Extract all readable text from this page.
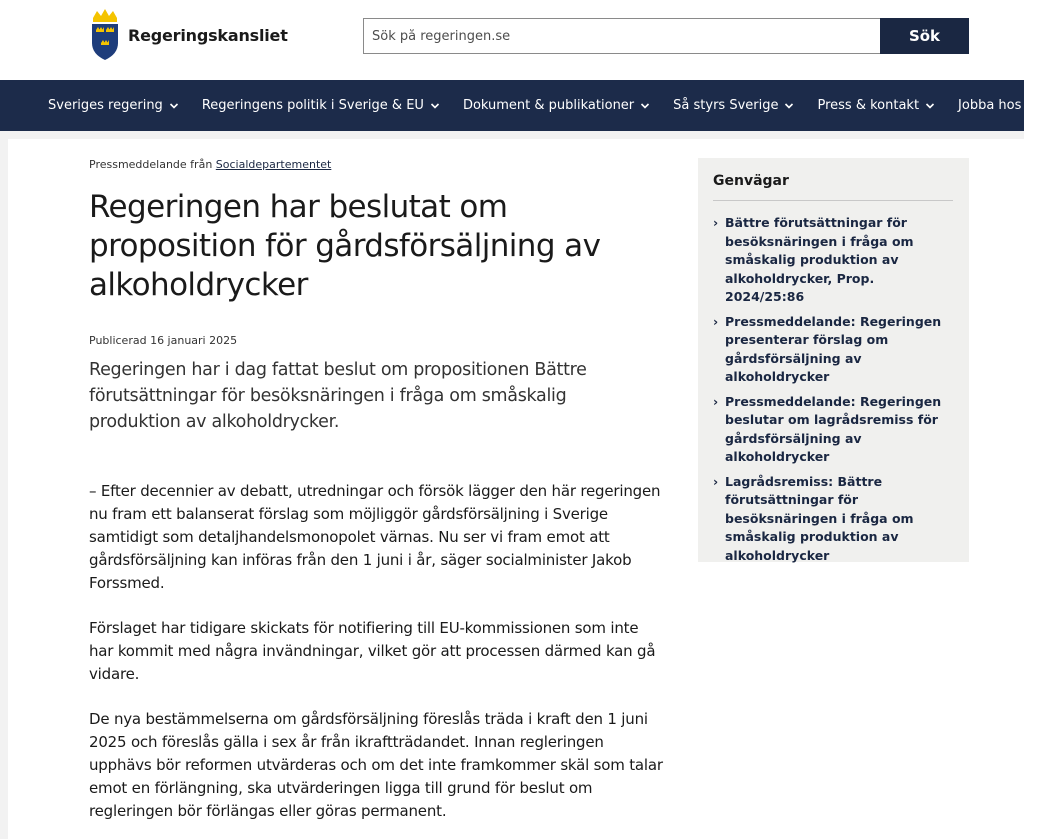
Regeringskansliet
Sök på regeringen.se	Sök
Sveriges regering	Regeringens politik i Sverige & EU	Dokument & publikationer	Så styrs Sverige	Press & kontakt	Jobba hos oss
Pressmeddelande från Socialdepartementet
Regeringen har beslutat om proposition för gårdsförsäljning av alkoholdrycker
Publicerad 16 januari 2025

Regeringen har i dag fattat beslut om propositionen Bättre förutsättningar för besöksnäringen i fråga om småskalig produktion av alkoholdrycker.

– Efter decennier av debatt, utredningar och försök lägger den här regeringen nu fram ett balanserat förslag som möjliggör gårdsförsäljning i Sverige samtidigt som detaljhandelsmonopolet värnas. Nu ser vi fram emot att gårdsförsäljning kan införas från den 1 juni i år, säger socialminister Jakob Forssmed.

Förslaget har tidigare skickats för notifiering till EU-kommissionen som inte har kommit med några invändningar, vilket gör att processen därmed kan gå vidare.

De nya bestämmelserna om gårdsförsäljning föreslås träda i kraft den 1 juni 2025 och föreslås gälla i sex år från ikraftträdandet. Innan regleringen upphävs bör reformen utvärderas och om det inte framkommer skäl som talar emot en förlängning, ska utvärderingen ligga till grund för beslut om regleringen bör förlängas eller göras permanent.

Genvägar
› Bättre förutsättningar för besöksnäringen i fråga om småskalig produktion av alkoholdrycker, Prop. 2024/25:86
› Pressmeddelande: Regeringen presenterar förslag om gårdsförsäljning av alkoholdrycker
› Pressmeddelande: Regeringen beslutar om lagrådsremiss för gårdsförsäljning av alkoholdrycker
› Lagrådsremiss: Bättre förutsättningar för besöksnäringen i fråga om småskalig produktion av alkoholdrycker
